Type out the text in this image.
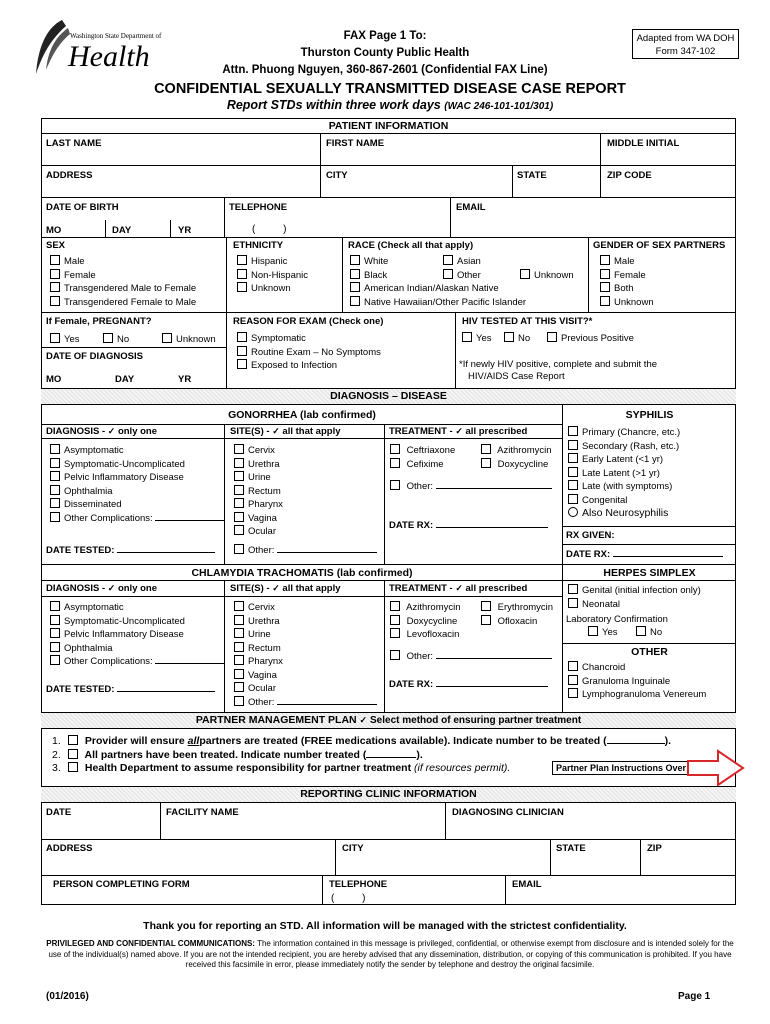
Washington State Department of
Health
FAX Page 1 To:
Thurston County Public Health
Attn. Phuong Nguyen, 360-867-2601 (Confidential FAX Line)
Adapted from WA DOH
Form 347-102
CONFIDENTIAL SEXUALLY TRANSMITTED DISEASE CASE REPORT
Report STDs within three work days (WAC 246-101-101/301)
PATIENT INFORMATION
LAST NAME	FIRST NAME	MIDDLE INITIAL
ADDRESS	CITY	STATE	ZIP CODE
DATE OF BIRTH	TELEPHONE	EMAIL
MO	DAY	YR	(          )
SEX
Male
Female
Transgendered Male to Female
Transgendered Female to Male
ETHNICITY
Hispanic
Non-Hispanic
Unknown
RACE (Check all that apply)
White
Black
American Indian/Alaskan Native
Native Hawaiian/Other Pacific Islander
Asian
Other	Unknown
GENDER OF SEX PARTNERS
Male
Female
Both
Unknown
If Female, PREGNANT?
Yes	No	Unknown
DATE OF DIAGNOSIS
MO	DAY	YR
REASON FOR EXAM (Check one)
Symptomatic
Routine Exam – No Symptoms
Exposed to Infection
HIV TESTED AT THIS VISIT?*
Yes	No	Previous Positive
*If newly HIV positive, complete and submit the
HIV/AIDS Case Report
DIAGNOSIS – DISEASE
GONORRHEA (lab confirmed)
DIAGNOSIS - ✓ only one	SITE(S) - ✓ all that apply	TREATMENT - ✓ all prescribed
Asymptomatic
Symptomatic-Uncomplicated
Pelvic Inflammatory Disease
Ophthalmia
Disseminated
Other Complications:
DATE TESTED:
Cervix
Urethra
Urine
Rectum
Pharynx
Vagina
Ocular
Other:
Ceftriaxone	Azithromycin
Cefixime	Doxycycline
Other:
DATE RX:
SYPHILIS
Primary (Chancre, etc.)
Secondary (Rash, etc.)
Early Latent (<1 yr)
Late Latent (>1 yr)
Late (with symptoms)
Congenital
Also Neurosyphilis
RX GIVEN:
DATE RX:
CHLAMYDIA TRACHOMATIS (lab confirmed)
DIAGNOSIS - ✓ only one	SITE(S) - ✓ all that apply	TREATMENT - ✓ all prescribed
Asymptomatic
Symptomatic-Uncomplicated
Pelvic Inflammatory Disease
Ophthalmia
Other Complications:
DATE TESTED:
Cervix
Urethra
Urine
Rectum
Pharynx
Vagina
Ocular
Other:
Azithromycin	Erythromycin
Doxycycline	Ofloxacin
Levofloxacin
Other:
DATE RX:
HERPES SIMPLEX
Genital (initial infection only)
Neonatal
Laboratory Confirmation
Yes	No
OTHER
Chancroid
Granuloma Inguinale
Lymphogranuloma Venereum
PARTNER MANAGEMENT PLAN ✓ Select method of ensuring partner treatment
1. Provider will ensure allpartners are treated (FREE medications available). Indicate number to be treated (	).
2. All partners have been treated. Indicate number treated (	).
3. Health Department to assume responsibility for partner treatment (if resources permit).	Partner Plan Instructions Over
REPORTING CLINIC INFORMATION
DATE	FACILITY NAME	DIAGNOSING CLINICIAN
ADDRESS	CITY	STATE	ZIP
PERSON COMPLETING FORM	TELEPHONE	EMAIL
(          )
Thank you for reporting an STD. All information will be managed with the strictest confidentiality.
PRIVILEGED AND CONFIDENTIAL COMMUNICATIONS: The information contained in this message is privileged, confidential, or otherwise exempt from disclosure and is intended solely for the use of the individual(s) named above. If you are not the intended recipient, you are hereby advised that any dissemination, distribution, or copying of this communication is prohibited. If you have received this facsimile in error, please immediately notify the sender by telephone and destroy the original facsimile.
(01/2016)	Page 1
